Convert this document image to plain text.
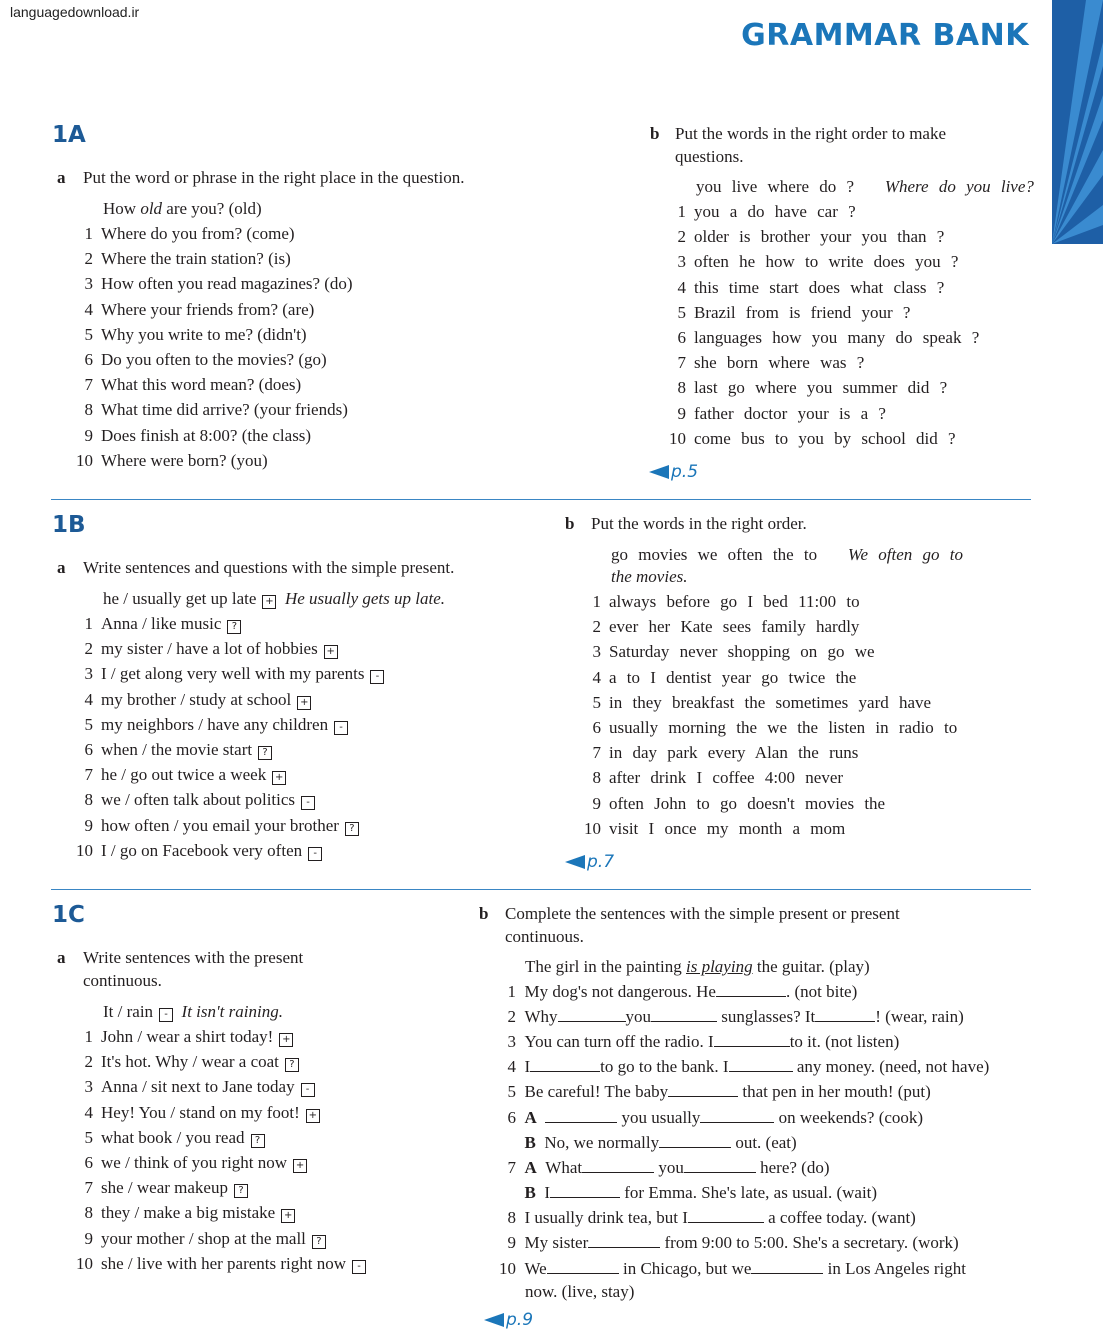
languagedownload.ir
GRAMMAR BANK
1A
a Put the word or phrase in the right place in the question.
How old are you? (old)
1 Where do you from? (come)
2 Where the train station? (is)
3 How often you read magazines? (do)
4 Where your friends from? (are)
5 Why you write to me? (didn't)
6 Do you often to the movies? (go)
7 What this word mean? (does)
8 What time did arrive? (your friends)
9 Does finish at 8:00? (the class)
10 Where were born? (you)
b Put the words in the right order to make
questions.
you live where do ? Where do you live?
1 you a do have car ?
2 older is brother your you than ?
3 often he how to write does you ?
4 this time start does what class ?
5 Brazil from is friend your ?
6 languages how you many do speak ?
7 she born where was ?
8 last go where you summer did ?
9 father doctor your is a ?
10 come bus to you by school did ?
p.5
1B
a Write sentences and questions with the simple present.
he / usually get up late + He usually gets up late.
1 Anna / like music ?
2 my sister / have a lot of hobbies +
3 I / get along very well with my parents -
4 my brother / study at school +
5 my neighbors / have any children -
6 when / the movie start ?
7 he / go out twice a week +
8 we / often talk about politics -
9 how often / you email your brother ?
10 I / go on Facebook very often -
b Put the words in the right order.
go movies we often the to We often go to
the movies.
1 always before go I bed 11:00 to
2 ever her Kate sees family hardly
3 Saturday never shopping on go we
4 a to I dentist year go twice the
5 in they breakfast the sometimes yard have
6 usually morning the we the listen in radio to
7 in day park every Alan the runs
8 after drink I coffee 4:00 never
9 often John to go doesn't movies the
10 visit I once my month a mom
p.7
1C
a Write sentences with the present
continuous.
It / rain - It isn't raining.
1 John / wear a shirt today! +
2 It's hot. Why / wear a coat ?
3 Anna / sit next to Jane today -
4 Hey! You / stand on my foot! +
5 what book / you read ?
6 we / think of you right now +
7 she / wear makeup ?
8 they / make a big mistake +
9 your mother / shop at the mall ?
10 she / live with her parents right now -
b Complete the sentences with the simple present or present
continuous.
The girl in the painting is playing the guitar. (play)
1 My dog's not dangerous. He	. (not bite)
2 Why	you	sunglasses? It	! (wear, rain)
3 You can turn off the radio. I	to it. (not listen)
4 I	to go to the bank. I	any money. (need, not have)
5 Be careful! The baby	that pen in her mouth! (put)
6 A	you usually	on weekends? (cook)
B No, we normally	out. (eat)
7 A What	you	here? (do)
B I	for Emma. She's late, as usual. (wait)
8 I usually drink tea, but I	a coffee today. (want)
9 My sister	from 9:00 to 5:00. She's a secretary. (work)
10 We	in Chicago, but we	in Los Angeles right
now. (live, stay)
p.9
